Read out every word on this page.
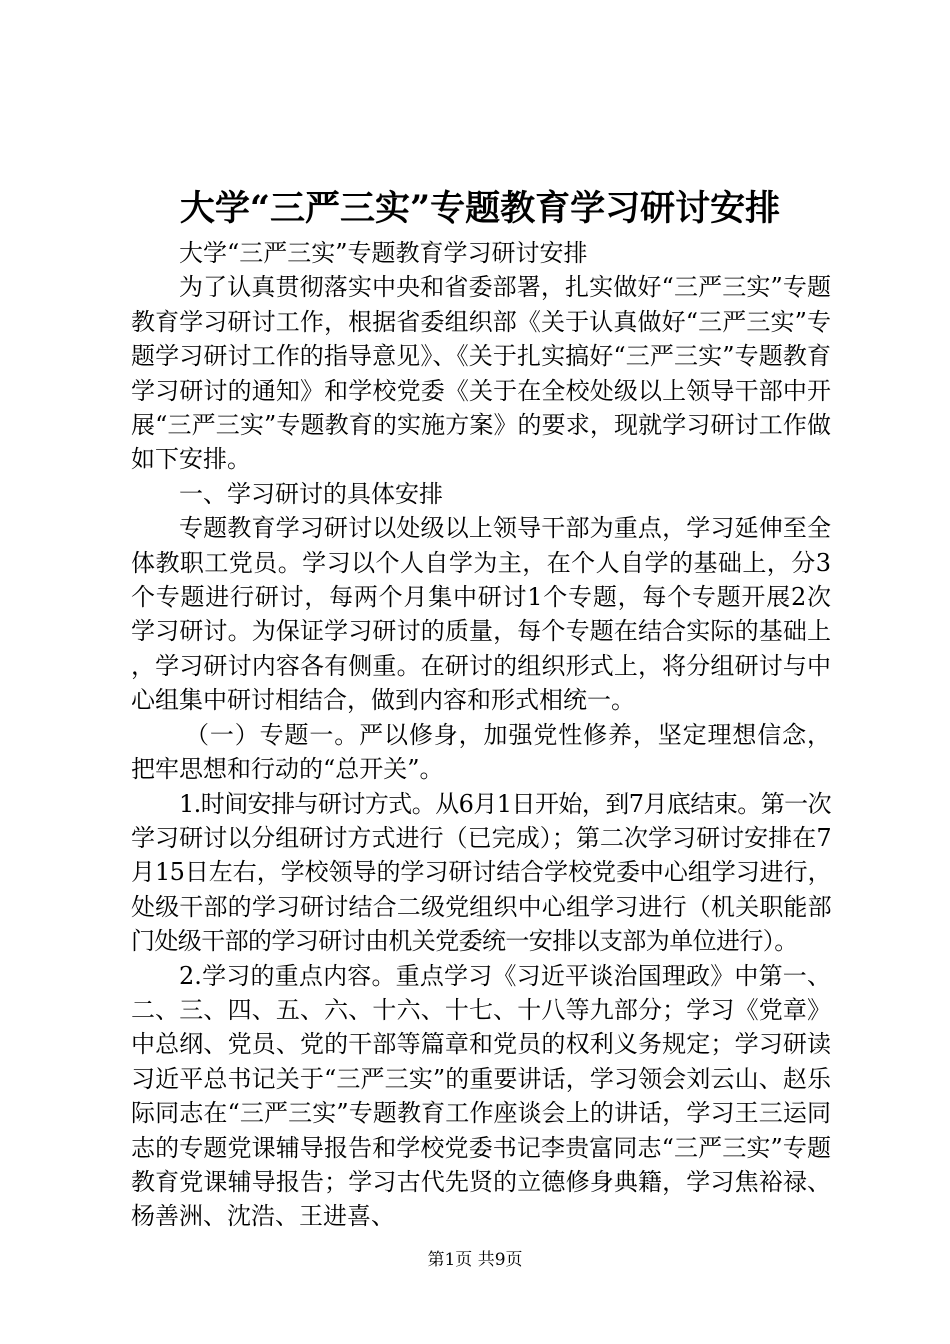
大学“三严三实”专题教育学习研讨安排

大学“三严三实”专题教育学习研讨安排

为了认真贯彻落实中央和省委部署，扎实做好“三严三实”专题教育学习研讨工作，根据省委组织部《关于认真做好“三严三实”专题学习研讨工作的指导意见》、《关于扎实搞好“三严三实”专题教育学习研讨的通知》和学校党委《关于在全校处级以上领导干部中开展“三严三实”专题教育的实施方案》的要求，现就学习研讨工作做如下安排。

一、学习研讨的具体安排

专题教育学习研讨以处级以上领导干部为重点，学习延伸至全体教职工党员。学习以个人自学为主，在个人自学的基础上，分3个专题进行研讨，每两个月集中研讨1个专题，每个专题开展2次学习研讨。为保证学习研讨的质量，每个专题在结合实际的基础上，学习研讨内容各有侧重。在研讨的组织形式上，将分组研讨与中心组集中研讨相结合，做到内容和形式相统一。

（一）专题一。严以修身，加强党性修养，坚定理想信念，把牢思想和行动的“总开关”。

1.时间安排与研讨方式。从6月1日开始，到7月底结束。第一次学习研讨以分组研讨方式进行（已完成）；第二次学习研讨安排在7月15日左右，学校领导的学习研讨结合学校党委中心组学习进行，处级干部的学习研讨结合二级党组织中心组学习进行（机关职能部门处级干部的学习研讨由机关党委统一安排以支部为单位进行）。

2.学习的重点内容。重点学习《习近平谈治国理政》中第一、二、三、四、五、六、十六、十七、十八等九部分；学习《党章》中总纲、党员、党的干部等篇章和党员的权利义务规定；学习研读习近平总书记关于“三严三实”的重要讲话，学习领会刘云山、赵乐际同志在“三严三实”专题教育工作座谈会上的讲话，学习王三运同志的专题党课辅导报告和学校党委书记李贵富同志“三严三实”专题教育党课辅导报告；学习古代先贤的立德修身典籍，学习焦裕禄、杨善洲、沈浩、王进喜、

第1页 共9页
